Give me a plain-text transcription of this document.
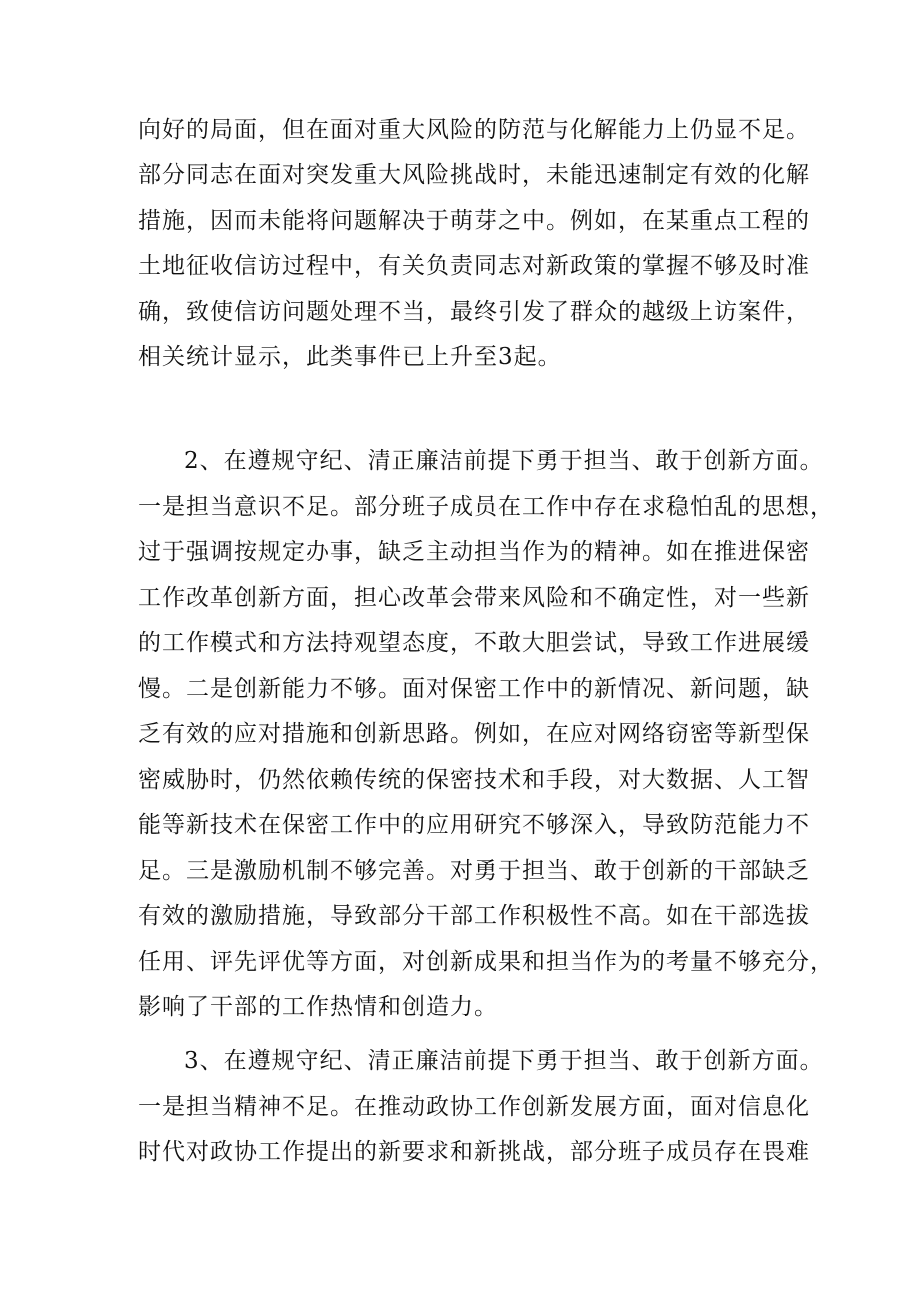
向好的局面，但在面对重大风险的防范与化解能力上仍显不足。
部分同志在面对突发重大风险挑战时，未能迅速制定有效的化解
措施，因而未能将问题解决于萌芽之中。例如，在某重点工程的
土地征收信访过程中，有关负责同志对新政策的掌握不够及时准
确，致使信访问题处理不当，最终引发了群众的越级上访案件，
相关统计显示，此类事件已上升至3起。
2、在遵规守纪、清正廉洁前提下勇于担当、敢于创新方面。
一是担当意识不足。部分班子成员在工作中存在求稳怕乱的思想，
过于强调按规定办事，缺乏主动担当作为的精神。如在推进保密
工作改革创新方面，担心改革会带来风险和不确定性，对一些新
的工作模式和方法持观望态度，不敢大胆尝试，导致工作进展缓
慢。二是创新能力不够。面对保密工作中的新情况、新问题，缺
乏有效的应对措施和创新思路。例如，在应对网络窃密等新型保
密威胁时，仍然依赖传统的保密技术和手段，对大数据、人工智
能等新技术在保密工作中的应用研究不够深入，导致防范能力不
足。三是激励机制不够完善。对勇于担当、敢于创新的干部缺乏
有效的激励措施，导致部分干部工作积极性不高。如在干部选拔
任用、评先评优等方面，对创新成果和担当作为的考量不够充分，
影响了干部的工作热情和创造力。
3、在遵规守纪、清正廉洁前提下勇于担当、敢于创新方面。
一是担当精神不足。在推动政协工作创新发展方面，面对信息化
时代对政协工作提出的新要求和新挑战，部分班子成员存在畏难
